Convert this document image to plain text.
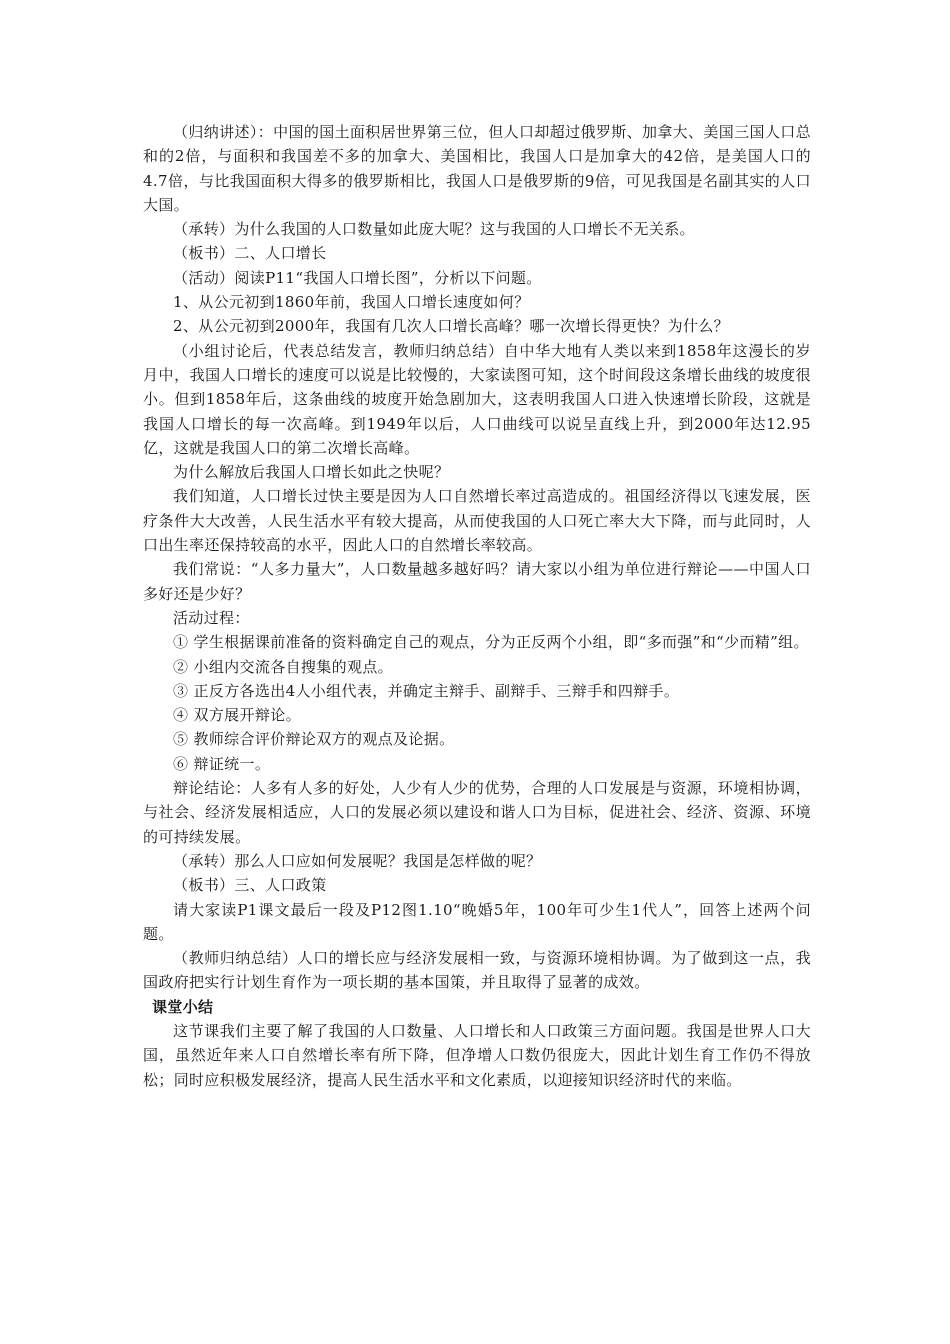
（归纳讲述）：中国的国土面积居世界第三位，但人口却超过俄罗斯、加拿大、美国三国人口总和的2倍，与面积和我国差不多的加拿大、美国相比，我国人口是加拿大的42倍，是美国人口的4.7倍，与比我国面积大得多的俄罗斯相比，我国人口是俄罗斯的9倍，可见我国是名副其实的人口大国。

（承转）为什么我国的人口数量如此庞大呢？这与我国的人口增长不无关系。

（板书）二、人口增长

（活动）阅读P11“我国人口增长图”，分析以下问题。

1、从公元初到1860年前，我国人口增长速度如何？

2、从公元初到2000年，我国有几次人口增长高峰？哪一次增长得更快？为什么？

（小组讨论后，代表总结发言，教师归纳总结）自中华大地有人类以来到1858年这漫长的岁月中，我国人口增长的速度可以说是比较慢的，大家读图可知，这个时间段这条增长曲线的坡度很小。但到1858年后，这条曲线的坡度开始急剧加大，这表明我国人口进入快速增长阶段，这就是我国人口增长的每一次高峰。到1949年以后，人口曲线可以说呈直线上升，到2000年达12.95亿，这就是我国人口的第二次增长高峰。

为什么解放后我国人口增长如此之快呢？

我们知道，人口增长过快主要是因为人口自然增长率过高造成的。祖国经济得以飞速发展，医疗条件大大改善，人民生活水平有较大提高，从而使我国的人口死亡率大大下降，而与此同时，人口出生率还保持较高的水平，因此人口的自然增长率较高。

我们常说：“人多力量大”，人口数量越多越好吗？请大家以小组为单位进行辩论——中国人口多好还是少好？

活动过程：

① 学生根据课前准备的资料确定自己的观点，分为正反两个小组，即“多而强”和“少而精”组。

② 小组内交流各自搜集的观点。

③ 正反方各选出4人小组代表，并确定主辩手、副辩手、三辩手和四辩手。

④ 双方展开辩论。

⑤ 教师综合评价辩论双方的观点及论据。

⑥ 辩证统一。

辩论结论：人多有人多的好处，人少有人少的优势，合理的人口发展是与资源，环境相协调，与社会、经济发展相适应，人口的发展必须以建设和谐人口为目标，促进社会、经济、资源、环境的可持续发展。

（承转）那么人口应如何发展呢？我国是怎样做的呢？

（板书）三、人口政策

请大家读P1课文最后一段及P12图1.10“晚婚5年，100年可少生1代人”，回答上述两个问题。

（教师归纳总结）人口的增长应与经济发展相一致，与资源环境相协调。为了做到这一点，我国政府把实行计划生育作为一项长期的基本国策，并且取得了显著的成效。

课堂小结

这节课我们主要了解了我国的人口数量、人口增长和人口政策三方面问题。我国是世界人口大国，虽然近年来人口自然增长率有所下降，但净增人口数仍很庞大，因此计划生育工作仍不得放松；同时应积极发展经济，提高人民生活水平和文化素质，以迎接知识经济时代的来临。
